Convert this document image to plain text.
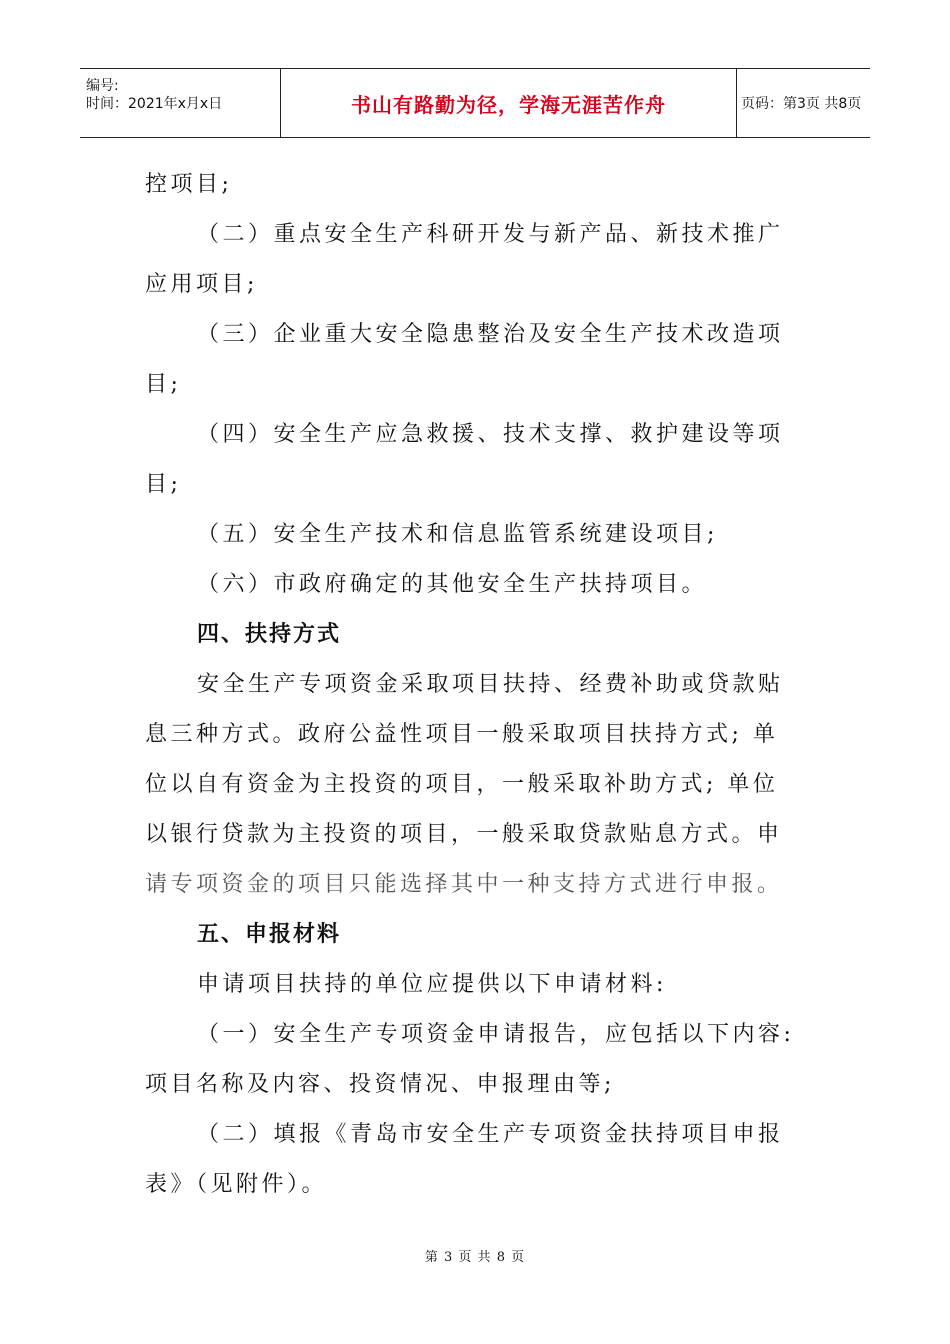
编号:
时间：2021年x月x日	书山有路勤为径，学海无涯苦作舟	页码：第3页 共8页

控项目;

（二）重点安全生产科研开发与新产品、新技术推广

应用项目;

（三）企业重大安全隐患整治及安全生产技术改造项

目;

（四）安全生产应急救援、技术支撑、救护建设等项

目;

（五）安全生产技术和信息监管系统建设项目;

（六）市政府确定的其他安全生产扶持项目。

四、扶持方式

安全生产专项资金采取项目扶持、经费补助或贷款贴

息三种方式。政府公益性项目一般采取项目扶持方式; 单

位以自有资金为主投资的项目，一般采取补助方式; 单位

以银行贷款为主投资的项目，一般采取贷款贴息方式。申

请专项资金的项目只能选择其中一种支持方式进行申报。

五、申报材料

申请项目扶持的单位应提供以下申请材料:

（一）安全生产专项资金申请报告，应包括以下内容:

项目名称及内容、投资情况、申报理由等;

（二）填报《青岛市安全生产专项资金扶持项目申报

表》（见附件）。

第 3 页 共 8 页
